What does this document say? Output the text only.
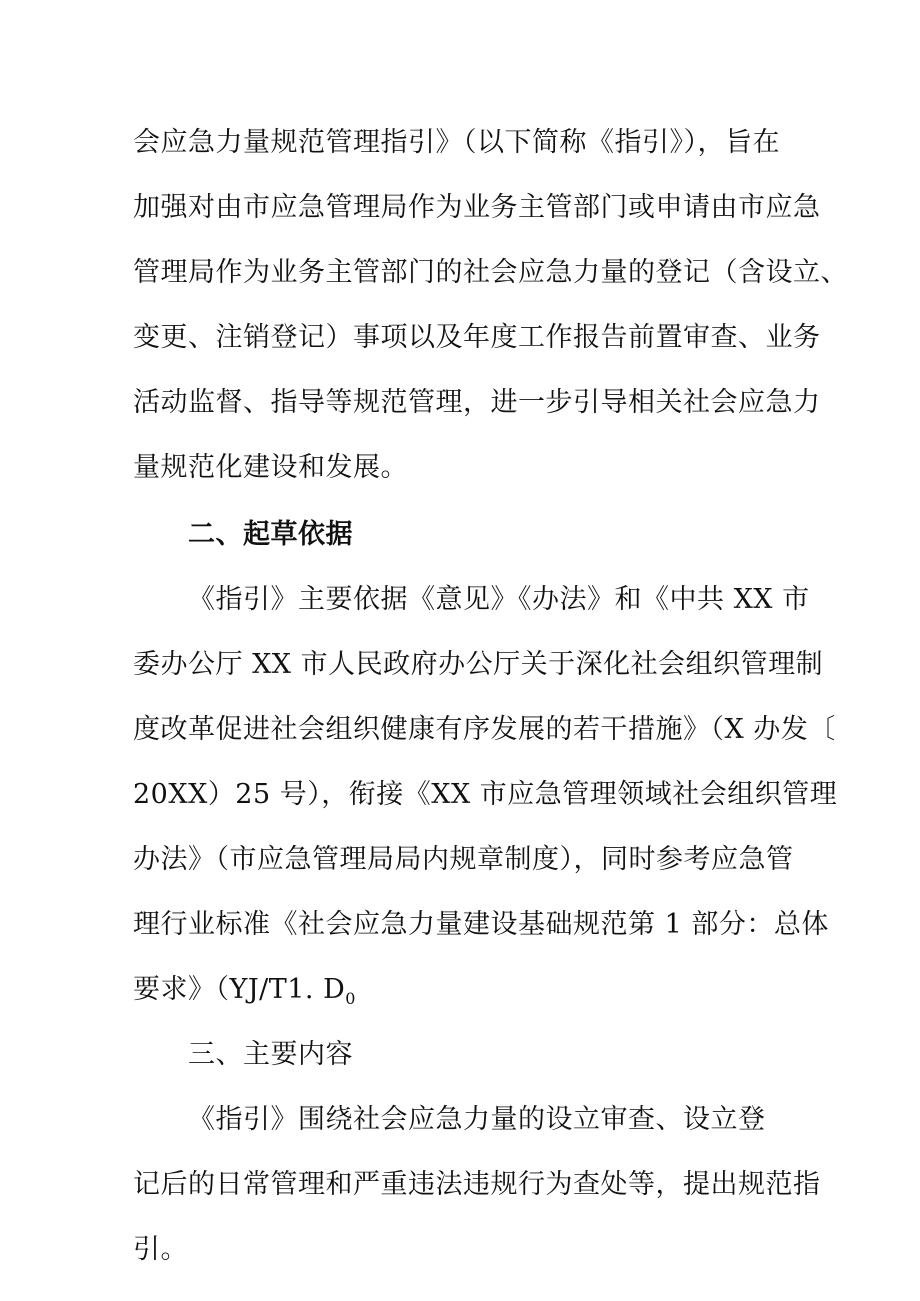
会应急力量规范管理指引》（以下简称《指引》），旨在
加强对由市应急管理局作为业务主管部门或申请由市应急
管理局作为业务主管部门的社会应急力量的登记（含设立、
变更、注销登记）事项以及年度工作报告前置审查、业务
活动监督、指导等规范管理，进一步引导相关社会应急力
量规范化建设和发展。
二、起草依据
《指引》主要依据《意见》《办法》和《中共 XX 市
委办公厅 XX 市人民政府办公厅关于深化社会组织管理制
度改革促进社会组织健康有序发展的若干措施》（X 办发〔
20XX）25 号），衔接《XX 市应急管理领域社会组织管理
办法》（市应急管理局局内规章制度），同时参考应急管
理行业标准《社会应急力量建设基础规范第 1 部分：总体
要求》（YJ/T1. $D_0$
三、主要内容
《指引》围绕社会应急力量的设立审查、设立登
记后的日常管理和严重违法违规行为查处等，提出规范指
引。
